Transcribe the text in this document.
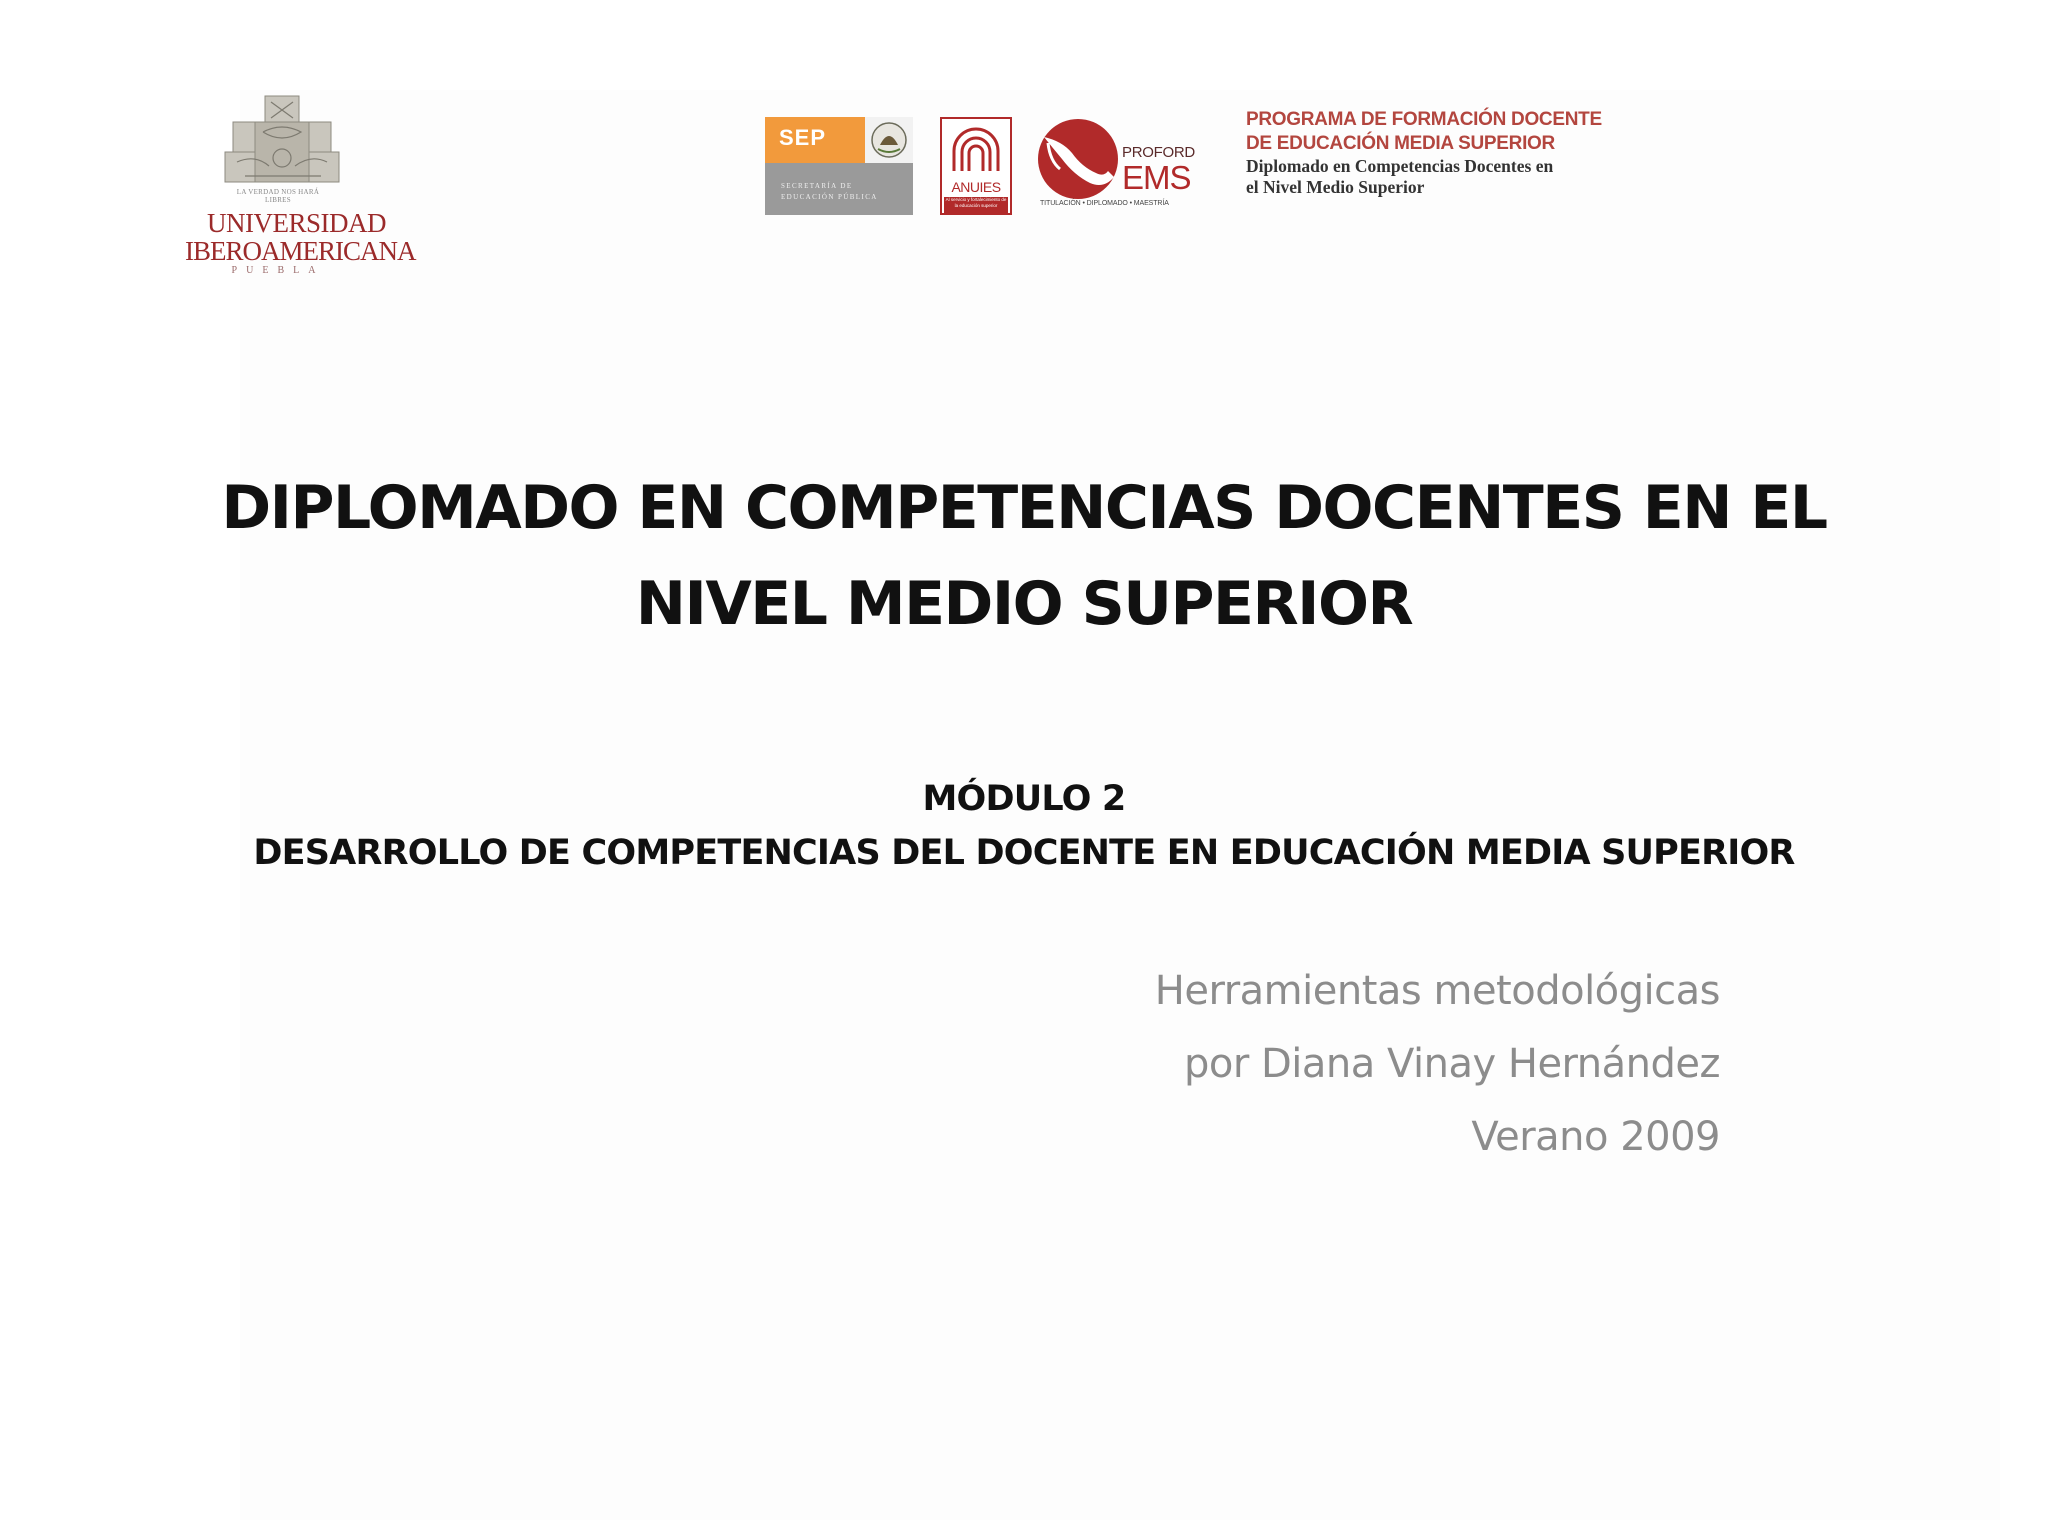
LA VERDAD NOS HARÁ LIBRES
UNIVERSIDAD
IBEROAMERICANA
PUEBLA
SEP
SECRETARÍA DE EDUCACIÓN PÚBLICA
ANUIES
Al servicio y fortalecimiento de la educación superior
PROFORD
EMS
TITULACIÓN • DIPLOMADO • MAESTRÍA
PROGRAMA DE FORMACIÓN DOCENTE
DE EDUCACIÓN MEDIA SUPERIOR
Diplomado en Competencias Docentes en
el Nivel Medio Superior
DIPLOMADO EN COMPETENCIAS DOCENTES EN EL
NIVEL MEDIO SUPERIOR
MÓDULO 2
DESARROLLO DE COMPETENCIAS DEL DOCENTE EN EDUCACIÓN MEDIA SUPERIOR
Herramientas metodológicas
por Diana Vinay Hernández
Verano 2009
